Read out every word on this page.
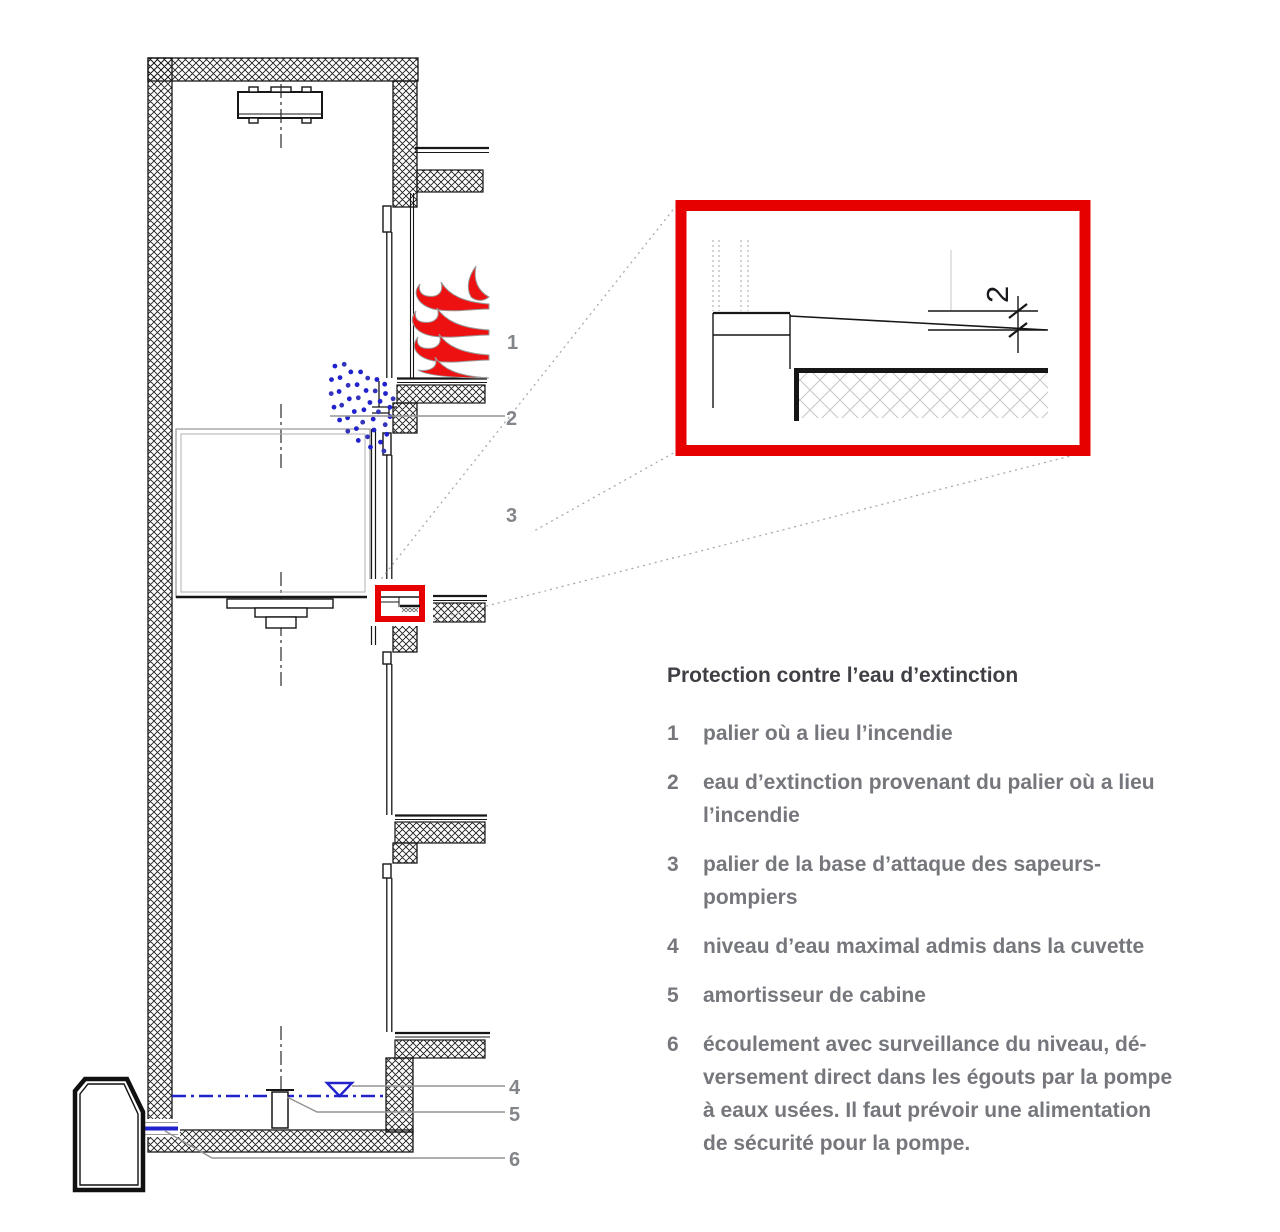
2
1
2
3
4
5
6
Protection contre l’eau d’extinction
1	palier où a lieu l’incendie
2	eau d’extinction provenant du palier où a lieu
l’incendie
3	palier de la base d’attaque des sapeurs-
pompiers
4	niveau d’eau maximal admis dans la cuvette
5	amortisseur de cabine
6	écoulement avec surveillance du niveau, dé-
versement direct dans les égouts par la pompe
à eaux usées. Il faut prévoir une alimentation
de sécurité pour la pompe.
